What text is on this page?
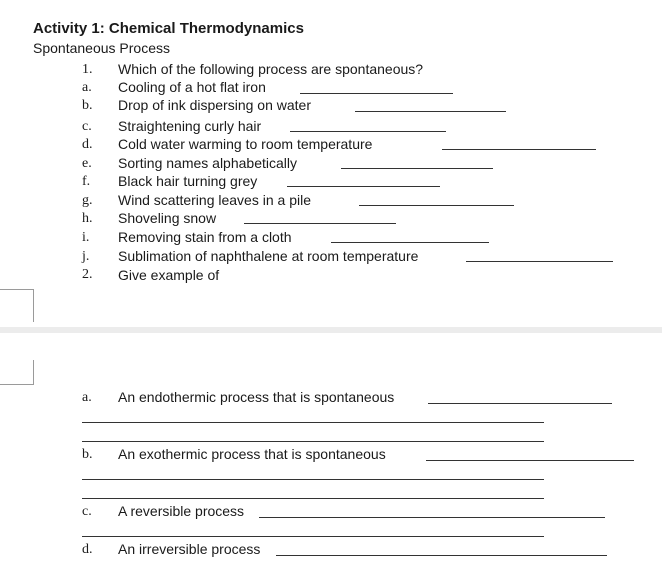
Activity 1: Chemical Thermodynamics
Spontaneous Process
1. Which of the following process are spontaneous?
a. Cooling of a hot flat iron
b. Drop of ink dispersing on water
c. Straightening curly hair
d. Cold water warming to room temperature
e. Sorting names alphabetically
f. Black hair turning grey
g. Wind scattering leaves in a pile
h. Shoveling snow
i. Removing stain from a cloth
j. Sublimation of naphthalene at room temperature
2. Give example of
a. An endothermic process that is spontaneous
b. An exothermic process that is spontaneous
c. A reversible process
d. An irreversible process
